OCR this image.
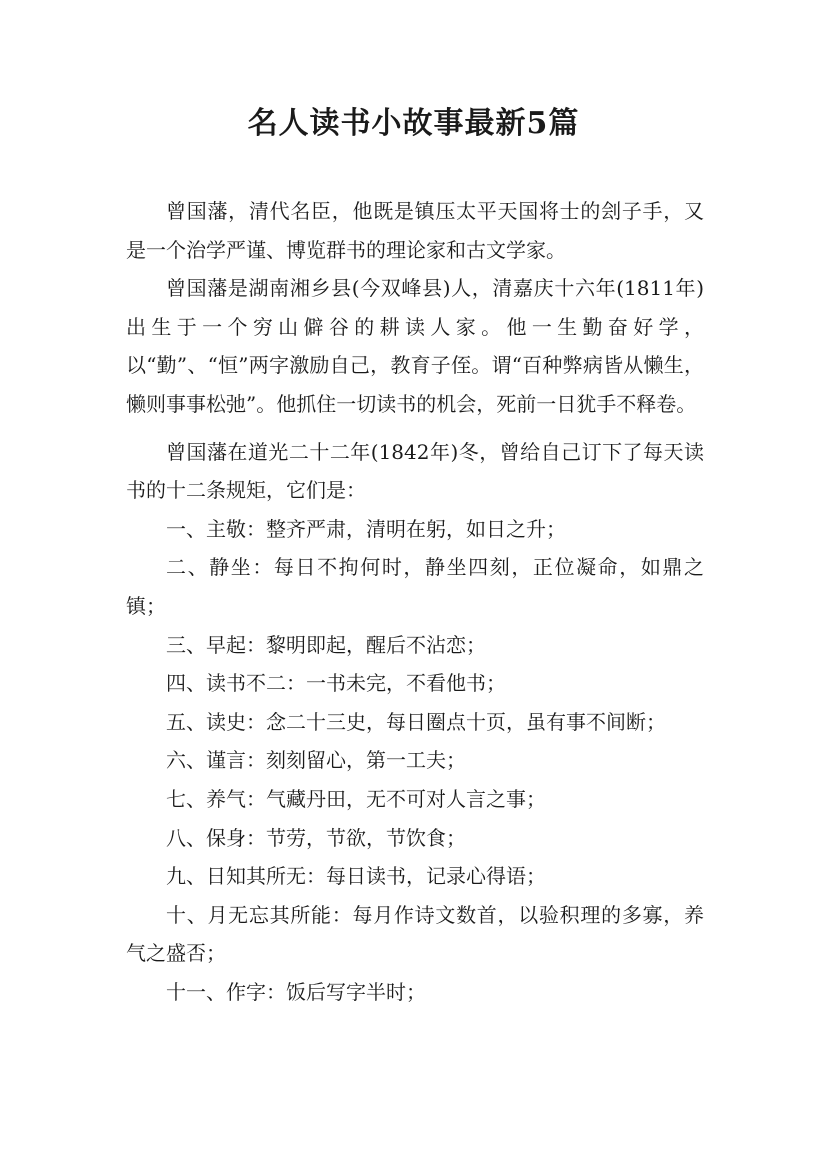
名人读书小故事最新5篇

曾国藩，清代名臣，他既是镇压太平天国将士的刽子手，又是一个治学严谨、博览群书的理论家和古文学家。

曾国藩是湖南湘乡县(今双峰县)人，清嘉庆十六年(1811年)出生于一个穷山僻谷的耕读人家。他一生勤奋好学，以“勤”、“恒”两字激励自己，教育子侄。谓“百种弊病皆从懒生，懒则事事松弛”。他抓住一切读书的机会，死前一日犹手不释卷。

曾国藩在道光二十二年(1842年)冬，曾给自己订下了每天读书的十二条规矩，它们是：

一、主敬：整齐严肃，清明在躬，如日之升；

二、静坐：每日不拘何时，静坐四刻，正位凝命，如鼎之镇；

三、早起：黎明即起，醒后不沾恋；

四、读书不二：一书未完，不看他书；

五、读史：念二十三史，每日圈点十页，虽有事不间断；

六、谨言：刻刻留心，第一工夫；

七、养气：气藏丹田，无不可对人言之事；

八、保身：节劳，节欲，节饮食；

九、日知其所无：每日读书，记录心得语；

十、月无忘其所能：每月作诗文数首，以验积理的多寡，养气之盛否；

十一、作字：饭后写字半时；
